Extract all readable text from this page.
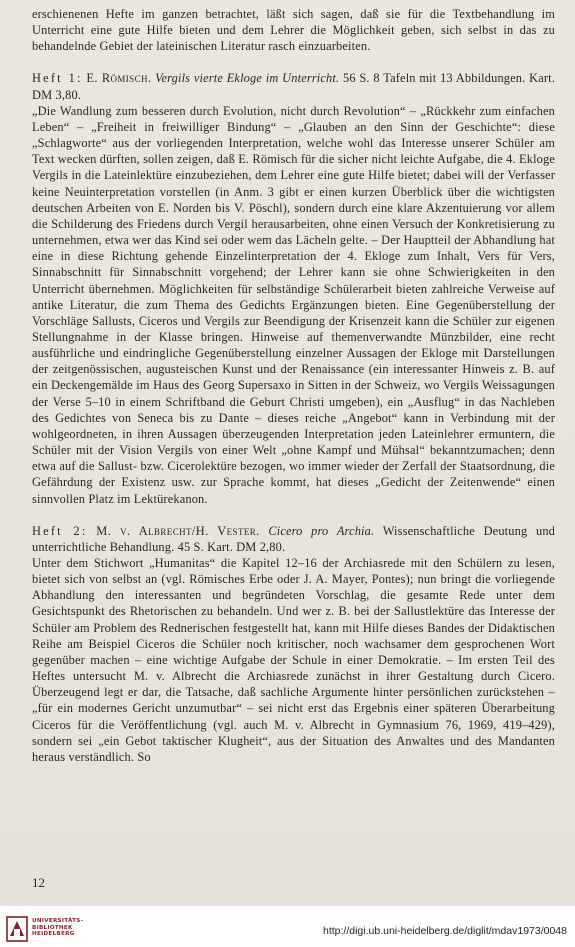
erschienenen Hefte im ganzen betrachtet, läßt sich sagen, daß sie für die Textbehandlung im Unterricht eine gute Hilfe bieten und dem Lehrer die Möglichkeit geben, sich selbst in das zu behandelnde Gebiet der lateinischen Literatur rasch einzuarbeiten.

Heft 1: E. Römisch. Vergils vierte Ekloge im Unterricht. 56 S. 8 Tafeln mit 13 Abbildungen. Kart. DM 3,80.

„Die Wandlung zum besseren durch Evolution, nicht durch Revolution“ – „Rückkehr zum einfachen Leben“ – „Freiheit in freiwilliger Bindung“ – „Glauben an den Sinn der Geschichte“: diese „Schlagworte“ aus der vorliegenden Interpretation, welche wohl das Interesse unserer Schüler am Text wecken dürften, sollen zeigen, daß E. Römisch für die sicher nicht leichte Aufgabe, die 4. Ekloge Vergils in die Lateinlektüre einzubeziehen, dem Lehrer eine gute Hilfe bietet; dabei will der Verfasser keine Neuinterpretation vorstellen (in Anm. 3 gibt er einen kurzen Überblick über die wichtigsten deutschen Arbeiten von E. Norden bis V. Pöschl), sondern durch eine klare Akzentuierung vor allem die Schilderung des Friedens durch Vergil herausarbeiten, ohne einen Versuch der Konkretisierung zu unternehmen, etwa wer das Kind sei oder wem das Lächeln gelte. – Der Hauptteil der Abhandlung hat eine in diese Richtung gehende Einzelinterpretation der 4. Ekloge zum Inhalt, Vers für Vers, Sinnabschnitt für Sinnabschnitt vorgehend; der Lehrer kann sie ohne Schwierigkeiten in den Unterricht übernehmen. Möglichkeiten für selbständige Schülerarbeit bieten zahlreiche Verweise auf antike Literatur, die zum Thema des Gedichts Ergänzungen bieten. Eine Gegenüberstellung der Vorschläge Sallusts, Ciceros und Vergils zur Beendigung der Krisenzeit kann die Schüler zur eigenen Stellungnahme in der Klasse bringen. Hinweise auf themenverwandte Münzbilder, eine recht ausführliche und eindringliche Gegenüberstellung einzelner Aussagen der Ekloge mit Darstellungen der zeitgenössischen, augusteischen Kunst und der Renaissance (ein interessanter Hinweis z. B. auf ein Deckengemälde im Haus des Georg Supersaxo in Sitten in der Schweiz, wo Vergils Weissagungen der Verse 5–10 in einem Schriftband die Geburt Christi umgeben), ein „Ausflug“ in das Nachleben des Gedichtes von Seneca bis zu Dante – dieses reiche „Angebot“ kann in Verbindung mit der wohlgeordneten, in ihren Aussagen überzeugenden Interpretation jeden Lateinlehrer ermuntern, die Schüler mit der Vision Vergils von einer Welt „ohne Kampf und Mühsal“ bekanntzumachen; denn etwa auf die Sallust- bzw. Cicerolektüre bezogen, wo immer wieder der Zerfall der Staatsordnung, die Gefährdung der Existenz usw. zur Sprache kommt, hat dieses „Gedicht der Zeitenwende“ einen sinnvollen Platz im Lektürekanon.

Heft 2: M. v. Albrecht/H. Vester. Cicero pro Archia. Wissenschaftliche Deutung und unterrichtliche Behandlung. 45 S. Kart. DM 2,80.

Unter dem Stichwort „Humanitas“ die Kapitel 12–16 der Archiasrede mit den Schülern zu lesen, bietet sich von selbst an (vgl. Römisches Erbe oder J. A. Mayer, Pontes); nun bringt die vorliegende Abhandlung den interessanten und begründeten Vorschlag, die gesamte Rede unter dem Gesichtspunkt des Rhetorischen zu behandeln. Und wer z. B. bei der Sallustlektüre das Interesse der Schüler am Problem des Rednerischen festgestellt hat, kann mit Hilfe dieses Bandes der Didaktischen Reihe am Beispiel Ciceros die Schüler noch kritischer, noch wachsamer dem gesprochenen Wort gegenüber machen – eine wichtige Aufgabe der Schule in einer Demokratie. – Im ersten Teil des Heftes untersucht M. v. Albrecht die Archiasrede zunächst in ihrer Gestaltung durch Cicero. Überzeugend legt er dar, die Tatsache, daß sachliche Argumente hinter persönlichen zurückstehen – „für ein modernes Gericht unzumutbar“ – sei nicht erst das Ergebnis einer späteren Überarbeitung Ciceros für die Veröffentlichung (vgl. auch M. v. Albrecht in Gymnasium 76, 1969, 419–429), sondern sei „ein Gebot taktischer Klugheit“, aus der Situation des Anwaltes und des Mandanten heraus verständlich. So

12
UNIVERSITÄTS-
BIBLIOTHEK
HEIDELBERG	http://digi.ub.uni-heidelberg.de/diglit/mdav1973/0048
